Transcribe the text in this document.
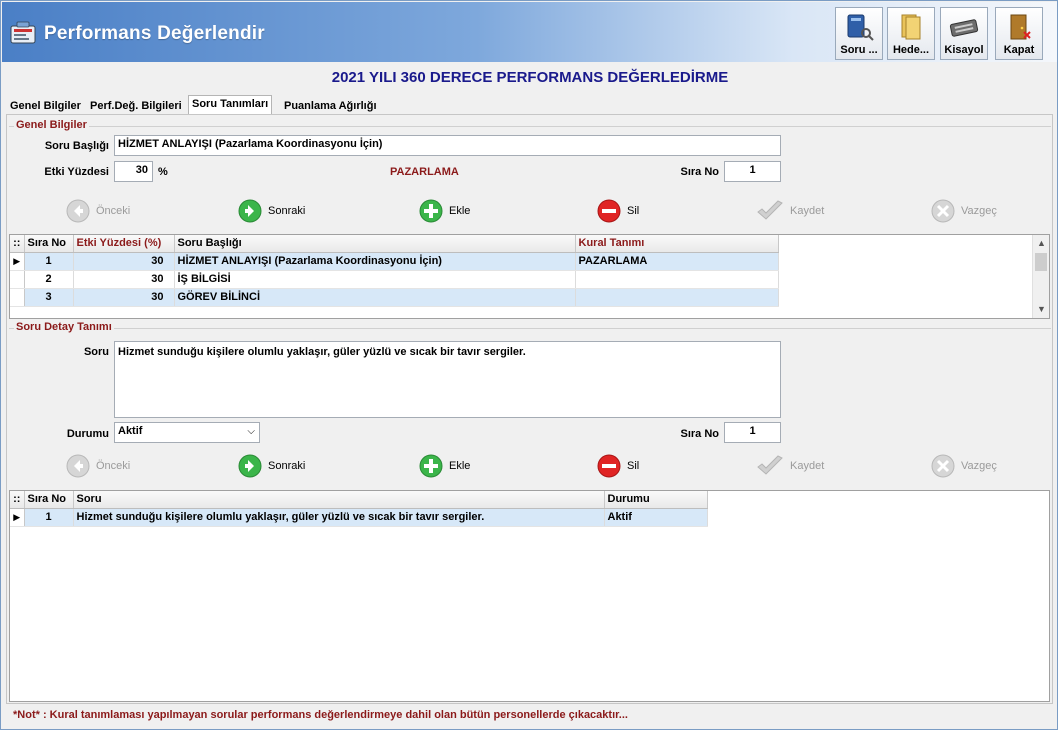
Performans Değerlendir
Soru ...	Hede...	Kisayol	Kapat
2021 YILI 360 DERECE PERFORMANS DEĞERLEDİRME
Genel Bilgiler Perf.Değ. Bilgileri Soru Tanımları	Puanlama Ağırlığı
Genel Bilgiler
Soru Başlığı HİZMET ANLAYIŞI (Pazarlama Koordinasyonu İçin)
Etki Yüzdesi	30 %	PAZARLAMA	Sıra No	1
Önceki	Sonraki	Ekle	Sil	Kaydet	Vazgeç
::	Sıra No	Etki Yüzdesi (%)	Soru Başlığı	Kural Tanımı
▶	1	30	HİZMET ANLAYIŞI (Pazarlama Koordinasyonu İçin)	PAZARLAMA
	2	30	İŞ BİLGİSİ	
	3	30	GÖREV BİLİNCİ	
▲
▼
Soru Detay Tanımı
Soru Hizmet sunduğu kişilere olumlu yaklaşır, güler yüzlü ve sıcak bir tavır sergiler.
Durumu Aktif	⌵	Sıra No	1
Önceki	Sonraki	Ekle	Sil	Kaydet	Vazgeç
::	Sıra No	Soru	Durumu
▶	1	Hizmet sunduğu kişilere olumlu yaklaşır, güler yüzlü ve sıcak bir tavır sergiler.	Aktif
*Not* : Kural tanımlaması yapılmayan sorular performans değerlendirmeye dahil olan bütün personellerde çıkacaktır...
